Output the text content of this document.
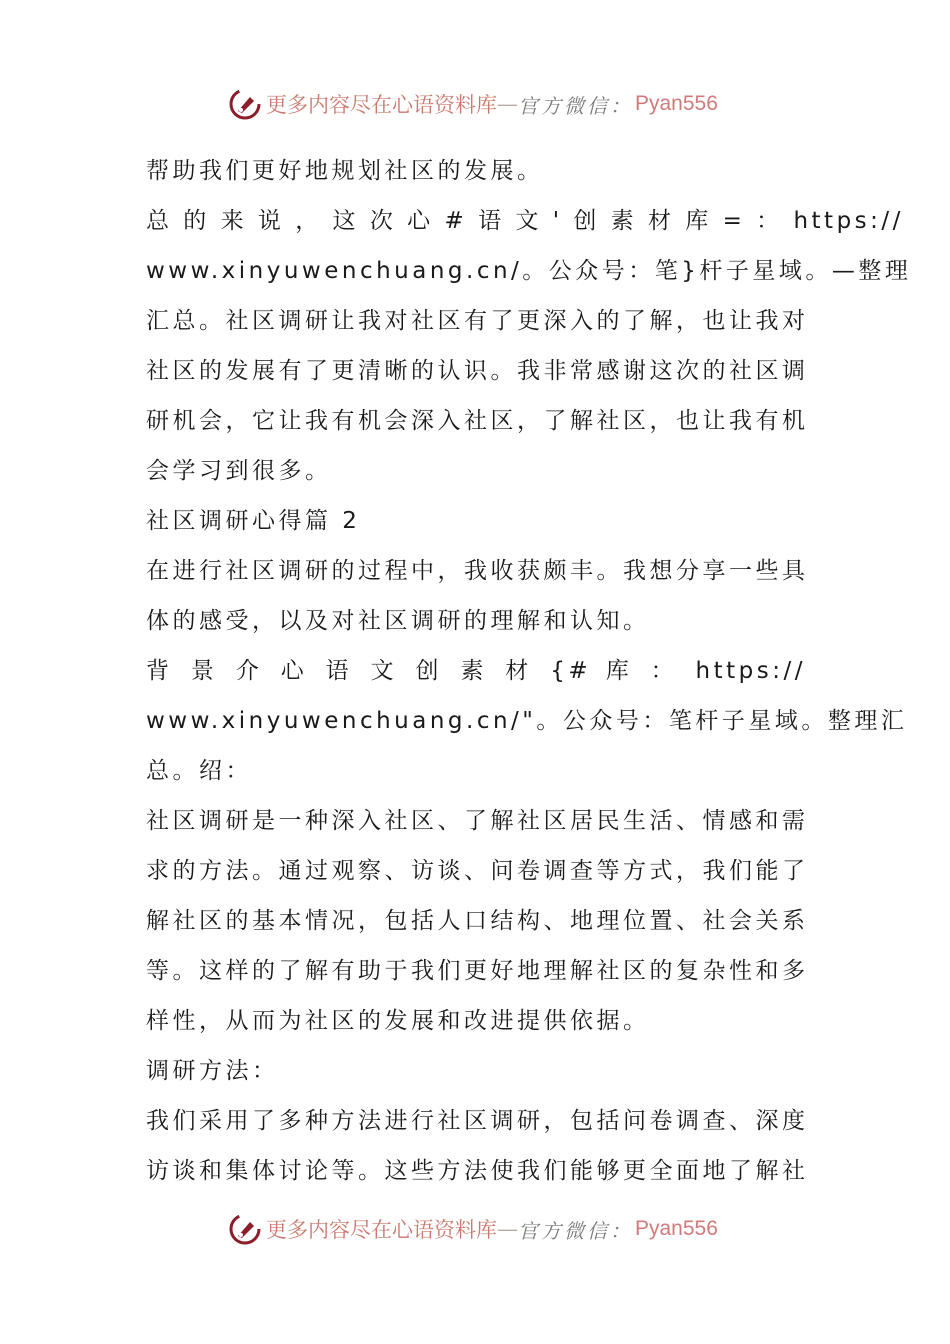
更多内容尽在心语资料库 — 官方微信： Pyan556
帮助我们更好地规划社区的发展。
总 的 来 说 ， 这 次 心 # 语 文 ' 创 素 材 库 = ： https://
www.xinyuwenchuang.cn/。公众号：笔}杆子星域。—整理
汇总。社区调研让我对社区有了更深入的了解，也让我对
社区的发展有了更清晰的认识。我非常感谢这次的社区调
研机会，它让我有机会深入社区，了解社区，也让我有机
会学习到很多。
社区调研心得篇 2
在进行社区调研的过程中，我收获颇丰。我想分享一些具
体的感受，以及对社区调研的理解和认知。
背 景 介 心 语 文 创 素 材 {# 库 ： https://
www.xinyuwenchuang.cn/"。公众号：笔杆子星域。整理汇
总。绍：
社区调研是一种深入社区、了解社区居民生活、情感和需
求的方法。通过观察、访谈、问卷调查等方式，我们能了
解社区的基本情况，包括人口结构、地理位置、社会关系
等。这样的了解有助于我们更好地理解社区的复杂性和多
样性，从而为社区的发展和改进提供依据。
调研方法：
我们采用了多种方法进行社区调研，包括问卷调查、深度
访谈和集体讨论等。这些方法使我们能够更全面地了解社
更多内容尽在心语资料库 — 官方微信： Pyan556
